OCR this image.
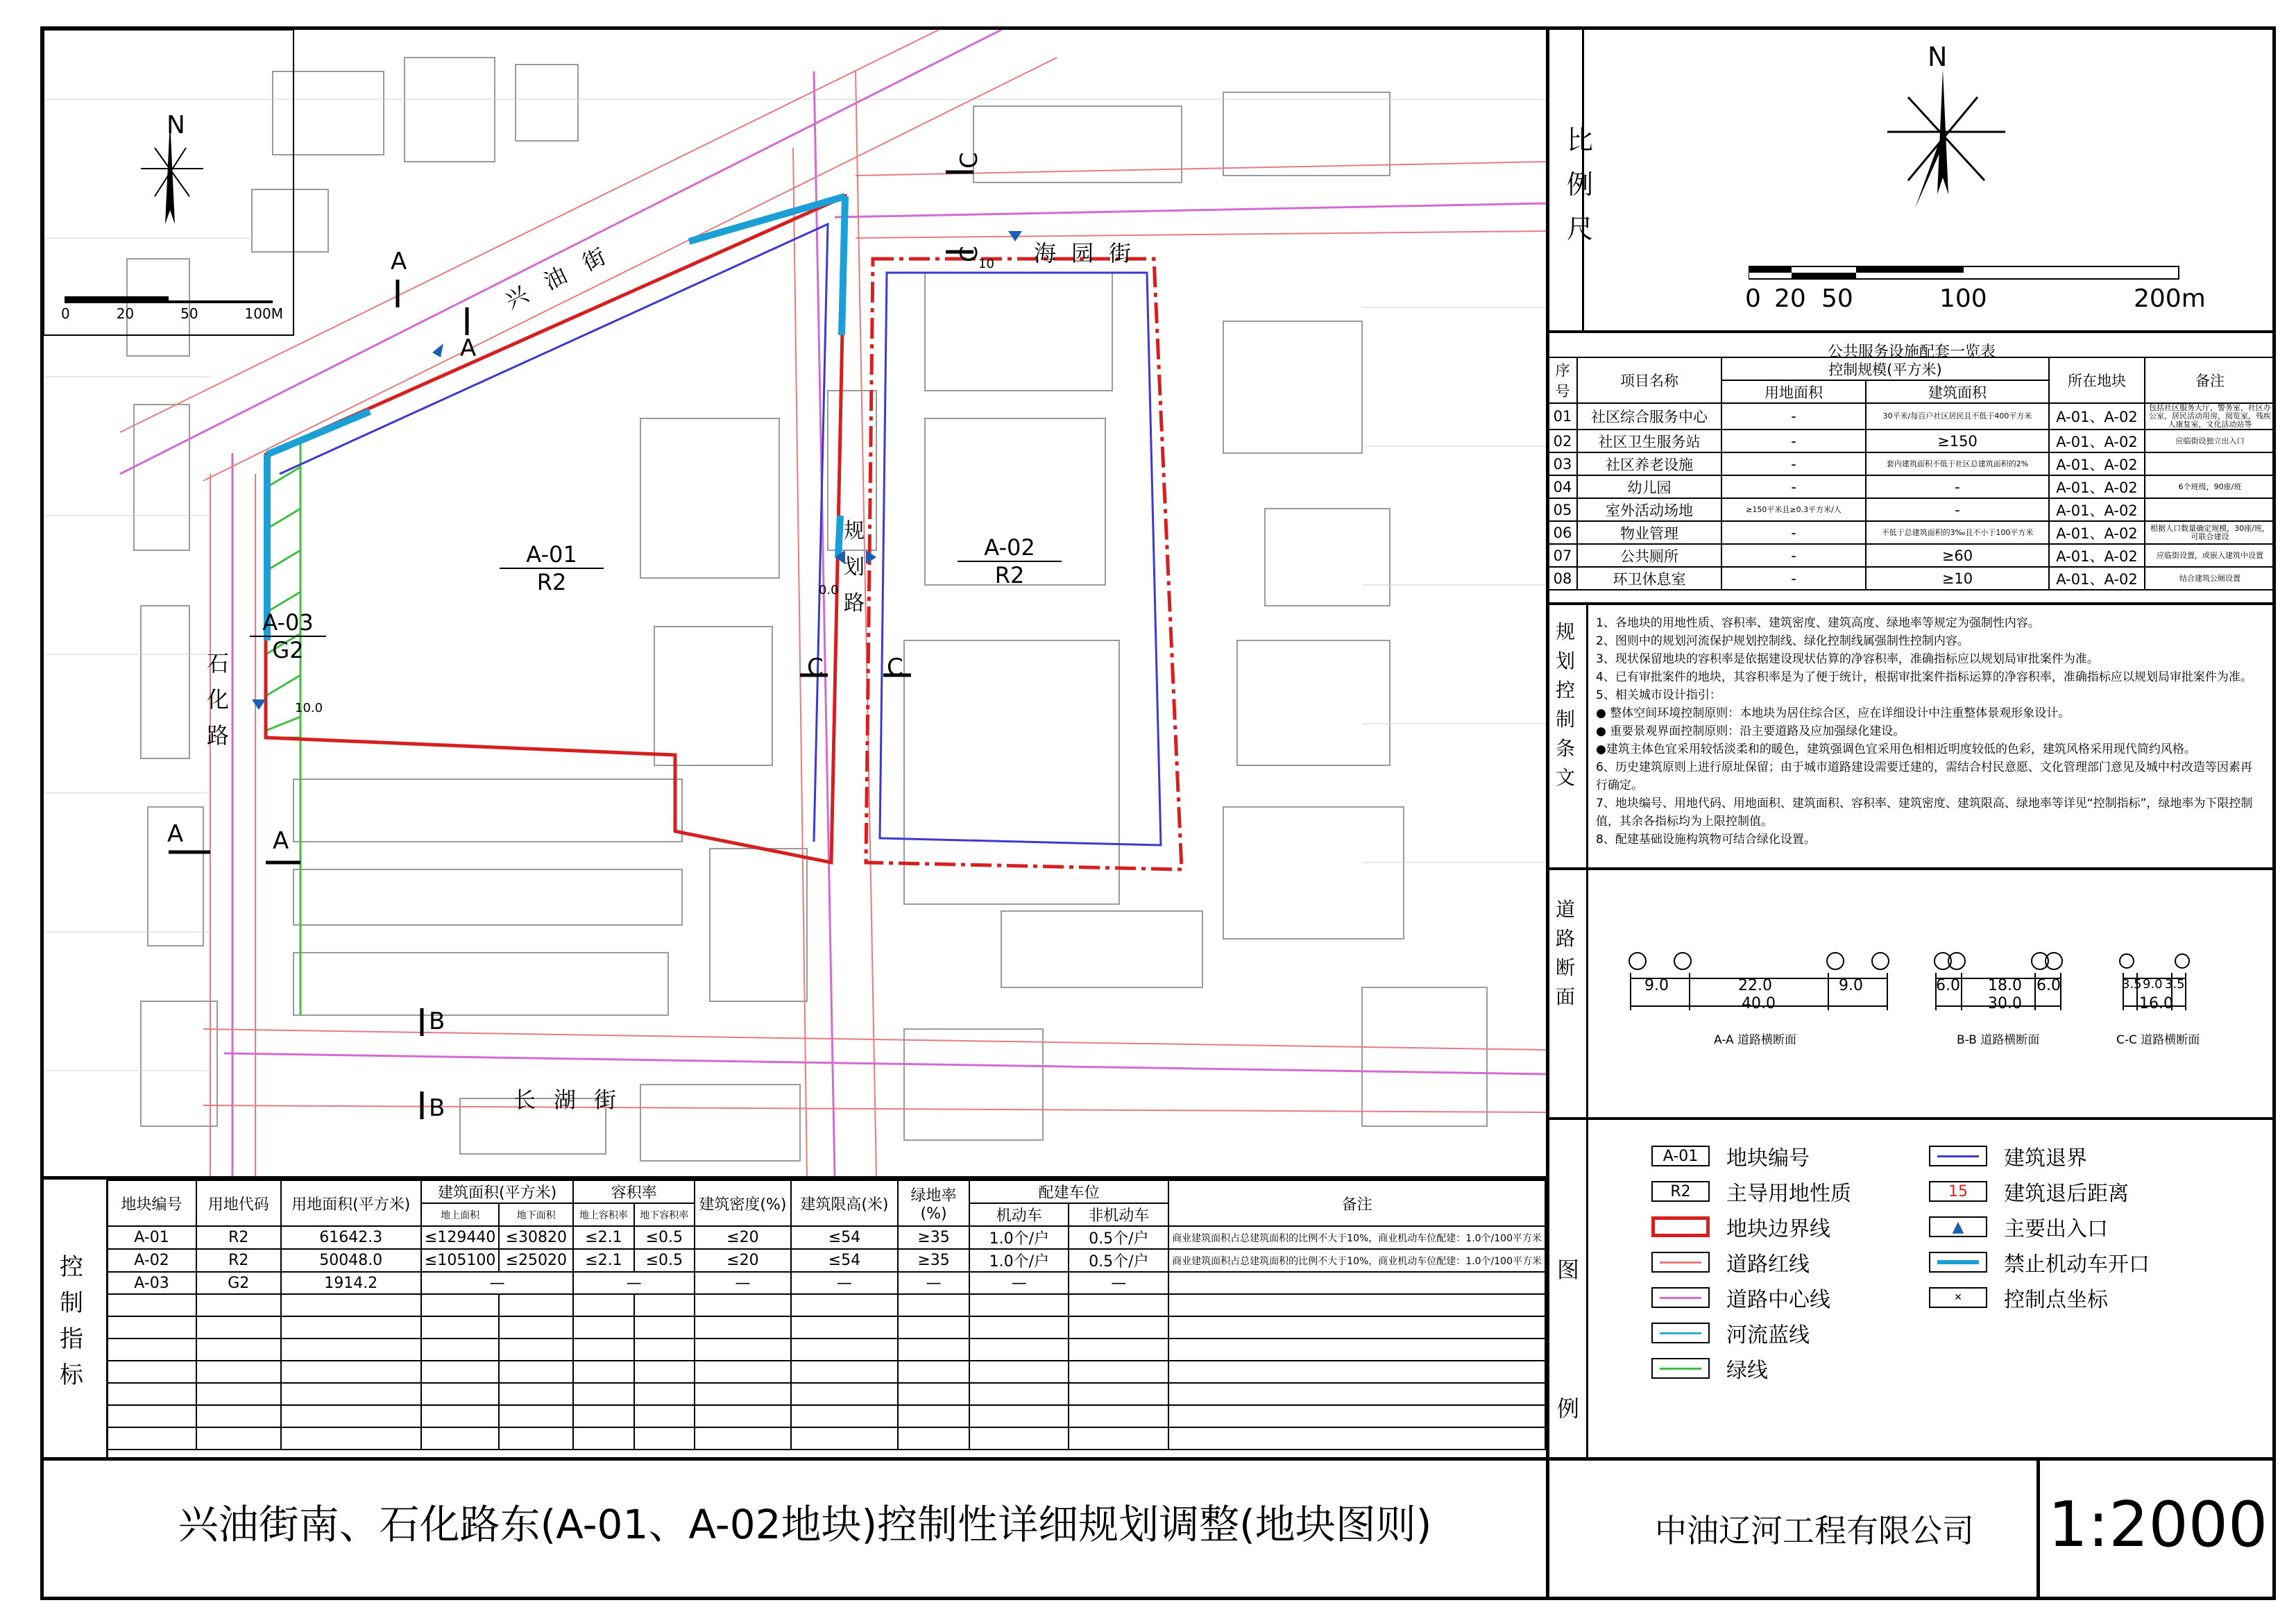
A
A
A	A
B
B
C
C
C	C
N
0	20	50	100M	兴油街	海园街
长湖街
石化路
规划路
A-01
R2
A-02
R2
A-03
G2
10.0
0.0
10
比例尺
N
0 20 50	100	200m
公共服务设施配套一览表
序号	项目名称	控制规模(平方米)		所在地块	备注
		用地面积	建筑面积		
01	社区综合服务中心	-	30平米/每百户社区居民且不低于400平方米	A-01、A-02	包括社区服务大厅，警务室，社区办公室，居民活动用房，阅览室，残疾人康复室，文化活动站等
02	社区卫生服务站	-	≥150	A-01、A-02	应临街设独立出入口
03	社区养老设施	-	套内建筑面积不低于社区总建筑面积的2%	A-01、A-02	
04	幼儿园	-	-	A-01、A-02	6个班级，90座/班
05	室外活动场地	≥150平米且≥0.3平方米/人	-	A-01、A-02	
06	物业管理	-	不低于总建筑面积的3‰且不小于100平方米	A-01、A-02	根据人口数量确定规模，30座/班，可联合建设
07	公共厕所	-	≥60	A-01、A-02	应临街设置，或嵌入建筑中设置
08	环卫休息室	-	≥10	A-01、A-02	结合建筑公厕设置
规划控制条文
1、各地块的用地性质、容积率、建筑密度、建筑高度、绿地率等规定为强制性内容。
2、图则中的规划河流保护规划控制线、绿化控制线属强制性控制内容。
3、现状保留地块的容积率是依据建设现状估算的净容积率，准确指标应以规划局审批案件为准。
4、已有审批案件的地块，其容积率是为了便于统计，根据审批案件指标运算的净容积率，准确指标应以规划局审批案件为准。
5、相关城市设计指引：
● 整体空间环境控制原则：本地块为居住综合区，应在详细设计中注重整体景观形象设计。
● 重要景观界面控制原则：沿主要道路及应加强绿化建设。
●建筑主体色宜采用较恬淡柔和的暖色，建筑强调色宜采用色相相近明度较低的色彩，建筑风格采用现代简约风格。
6、历史建筑原则上进行原址保留；由于城市道路建设需要迁建的，需结合村民意愿、文化管理部门意见及城中村改造等因素再行确定。
7、地块编号、用地代码、用地面积、建筑面积、容积率、建筑密度、建筑限高、绿地率等详见“控制指标”，绿地率为下限控制值，其余各指标均为上限控制值。
8、配建基础设施构筑物可结合绿化设置。
道路断面	9.0	22.0	9.0
40.0
6.0 18.0 6.0
30.0
3.5 9.0 3.5
16.0
A-A 道路横断面	B-B 道路横断面	C-C 道路横断面
图例
A-01	地块编号
R2	主导用地性质
地块边界线
道路红线
道路中心线
河流蓝线
绿线
建筑退界
15 建筑退后距离
▲ 主要出入口
禁止机动车开口
✕ 控制点坐标
控制指标
地块编号	用地代码	用地面积(平方米)	建筑面积(平方米)		容积率		建筑密度(%)	建筑限高(米)	绿地率(%)	配建车位		备注
			地上面积	地下面积	地上容积率	地下容积率				机动车	非机动车	
A-01	R2	61642.3	≤129440	≤30820	≤2.1	≤0.5	≤20	≤54	≥35	1.0个/户	0.5个/户	商业建筑面积占总建筑面积的比例不大于10%，商业机动车位配建：1.0个/100平方米
A-02	R2	50048.0	≤105100	≤25020	≤2.1	≤0.5	≤20	≤54	≥35	1.0个/户	0.5个/户	商业建筑面积占总建筑面积的比例不大于10%，商业机动车位配建：1.0个/100平方米
A-03	G2	1914.2	—		—		—	—	—	—	—	

兴油街南、石化路东(A-01、A-02地块)控制性详细规划调整(地块图则)	中油辽河工程有限公司	1:2000
